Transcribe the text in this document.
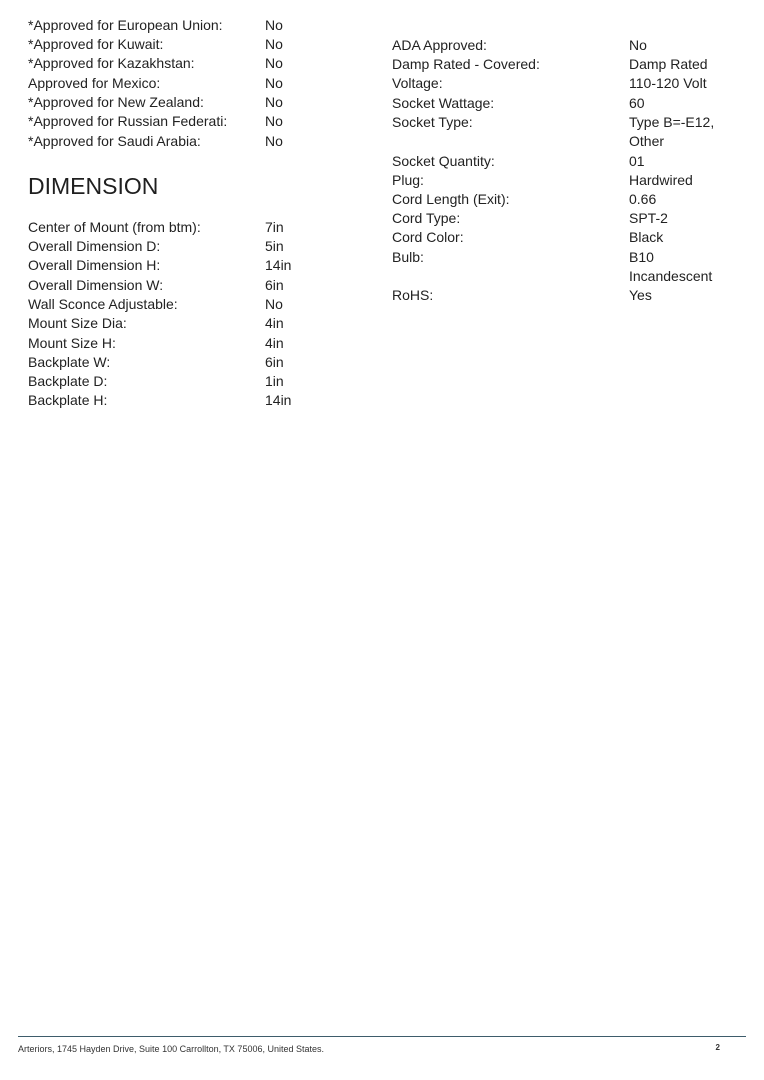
*Approved for European Union:	No
*Approved for Kuwait:	No
*Approved for Kazakhstan:	No
Approved for Mexico:	No
*Approved for New Zealand:	No
*Approved for Russian Federati:	No
*Approved for Saudi Arabia:	No
DIMENSION
Center of Mount (from btm):	7in
Overall Dimension D:	5in
Overall Dimension H:	14in
Overall Dimension W:	6in
Wall Sconce Adjustable:	No
Mount Size Dia:	4in
Mount Size H:	4in
Backplate W:	6in
Backplate D:	1in
Backplate H:	14in
ADA Approved:	No
Damp Rated - Covered:	Damp Rated
Voltage:	110-120 Volt
Socket Wattage:	60
Socket Type:	Type B=-E12,
Other
Socket Quantity:	01
Plug:	Hardwired
Cord Length (Exit):	0.66
Cord Type:	SPT-2
Cord Color:	Black
Bulb:	B10
Incandescent
RoHS:	Yes
Arteriors, 1745 Hayden Drive, Suite 100 Carrollton, TX 75006, United States.	2
